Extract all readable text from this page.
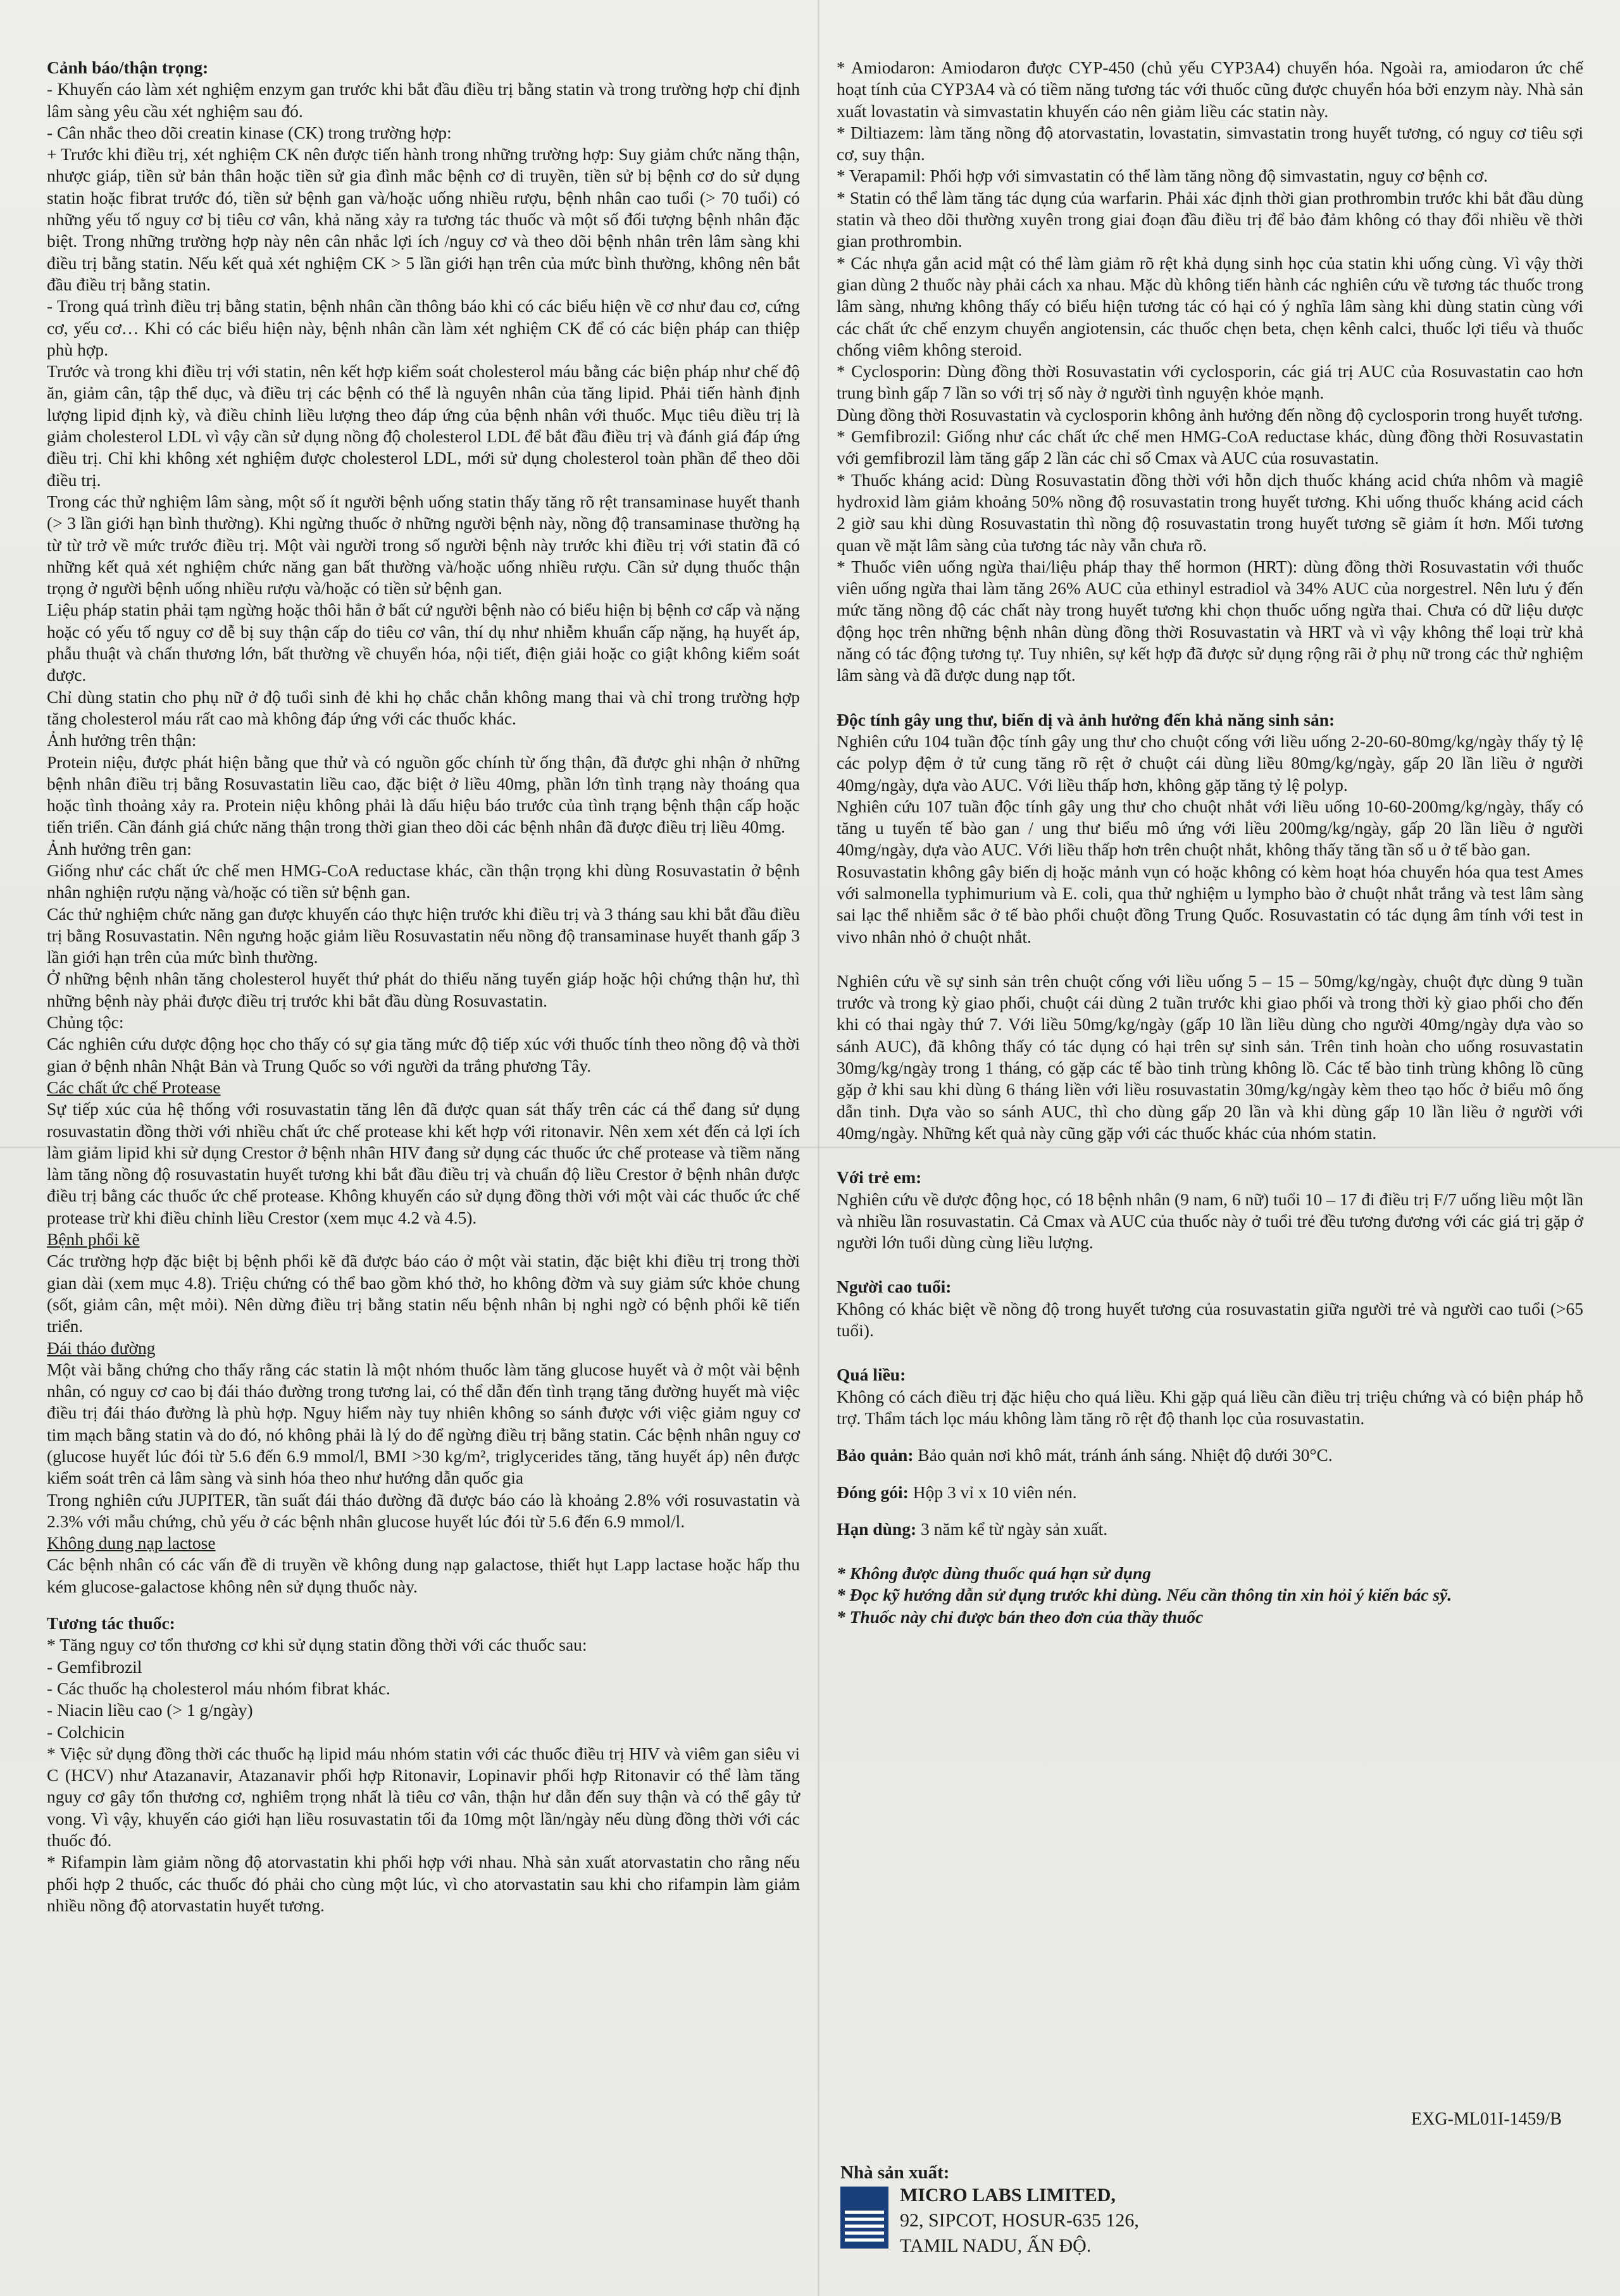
Cảnh báo/thận trọng:

- Khuyến cáo làm xét nghiệm enzym gan trước khi bắt đầu điều trị bằng statin và trong trường hợp chỉ định lâm sàng yêu cầu xét nghiệm sau đó.

- Cân nhắc theo dõi creatin kinase (CK) trong trường hợp:

+ Trước khi điều trị, xét nghiệm CK nên được tiến hành trong những trường hợp: Suy giảm chức năng thận, nhược giáp, tiền sử bản thân hoặc tiền sử gia đình mắc bệnh cơ di truyền, tiền sử bị bệnh cơ do sử dụng statin hoặc fibrat trước đó, tiền sử bệnh gan và/hoặc uống nhiều rượu, bệnh nhân cao tuổi (> 70 tuổi) có những yếu tố nguy cơ bị tiêu cơ vân, khả năng xảy ra tương tác thuốc và một số đối tượng bệnh nhân đặc biệt. Trong những trường hợp này nên cân nhắc lợi ích /nguy cơ và theo dõi bệnh nhân trên lâm sàng khi điều trị bằng statin. Nếu kết quả xét nghiệm CK > 5 lần giới hạn trên của mức bình thường, không nên bắt đầu điều trị bằng statin.

- Trong quá trình điều trị bằng statin, bệnh nhân cần thông báo khi có các biểu hiện về cơ như đau cơ, cứng cơ, yếu cơ… Khi có các biểu hiện này, bệnh nhân cần làm xét nghiệm CK để có các biện pháp can thiệp phù hợp.

Trước và trong khi điều trị với statin, nên kết hợp kiểm soát cholesterol máu bằng các biện pháp như chế độ ăn, giảm cân, tập thể dục, và điều trị các bệnh có thể là nguyên nhân của tăng lipid. Phải tiến hành định lượng lipid định kỳ, và điều chỉnh liều lượng theo đáp ứng của bệnh nhân với thuốc. Mục tiêu điều trị là giảm cholesterol LDL vì vậy cần sử dụng nồng độ cholesterol LDL để bắt đầu điều trị và đánh giá đáp ứng điều trị. Chỉ khi không xét nghiệm được cholesterol LDL, mới sử dụng cholesterol toàn phần để theo dõi điều trị.

Trong các thử nghiệm lâm sàng, một số ít người bệnh uống statin thấy tăng rõ rệt transaminase huyết thanh (> 3 lần giới hạn bình thường). Khi ngừng thuốc ở những người bệnh này, nồng độ transaminase thường hạ từ từ trở về mức trước điều trị. Một vài người trong số người bệnh này trước khi điều trị với statin đã có những kết quả xét nghiệm chức năng gan bất thường và/hoặc uống nhiều rượu. Cần sử dụng thuốc thận trọng ở người bệnh uống nhiều rượu và/hoặc có tiền sử bệnh gan.

Liệu pháp statin phải tạm ngừng hoặc thôi hẳn ở bất cứ người bệnh nào có biểu hiện bị bệnh cơ cấp và nặng hoặc có yếu tố nguy cơ dễ bị suy thận cấp do tiêu cơ vân, thí dụ như nhiễm khuẩn cấp nặng, hạ huyết áp, phẫu thuật và chấn thương lớn, bất thường về chuyển hóa, nội tiết, điện giải hoặc co giật không kiểm soát được.

Chỉ dùng statin cho phụ nữ ở độ tuổi sinh đẻ khi họ chắc chắn không mang thai và chỉ trong trường hợp tăng cholesterol máu rất cao mà không đáp ứng với các thuốc khác.

Ảnh hưởng trên thận:

Protein niệu, được phát hiện bằng que thử và có nguồn gốc chính từ ống thận, đã được ghi nhận ở những bệnh nhân điều trị bằng Rosuvastatin liều cao, đặc biệt ở liều 40mg, phần lớn tình trạng này thoáng qua hoặc tình thoảng xảy ra. Protein niệu không phải là dấu hiệu báo trước của tình trạng bệnh thận cấp hoặc tiến triển. Cần đánh giá chức năng thận trong thời gian theo dõi các bệnh nhân đã được điều trị liều 40mg.

Ảnh hưởng trên gan:

Giống như các chất ức chế men HMG-CoA reductase khác, cần thận trọng khi dùng Rosuvastatin ở bệnh nhân nghiện rượu nặng và/hoặc có tiền sử bệnh gan.

Các thử nghiệm chức năng gan được khuyến cáo thực hiện trước khi điều trị và 3 tháng sau khi bắt đầu điều trị bằng Rosuvastatin. Nên ngưng hoặc giảm liều Rosuvastatin nếu nồng độ transaminase huyết thanh gấp 3 lần giới hạn trên của mức bình thường.

Ở những bệnh nhân tăng cholesterol huyết thứ phát do thiểu năng tuyến giáp hoặc hội chứng thận hư, thì những bệnh này phải được điều trị trước khi bắt đầu dùng Rosuvastatin.

Chủng tộc:

Các nghiên cứu dược động học cho thấy có sự gia tăng mức độ tiếp xúc với thuốc tính theo nồng độ và thời gian ở bệnh nhân Nhật Bản và Trung Quốc so với người da trắng phương Tây.

Các chất ức chế Protease

Sự tiếp xúc của hệ thống với rosuvastatin tăng lên đã được quan sát thấy trên các cá thể đang sử dụng rosuvastatin đồng thời với nhiều chất ức chế protease khi kết hợp với ritonavir. Nên xem xét đến cả lợi ích làm giảm lipid khi sử dụng Crestor ở bệnh nhân HIV đang sử dụng các thuốc ức chế protease và tiềm năng làm tăng nồng độ rosuvastatin huyết tương khi bắt đầu điều trị và chuẩn độ liều Crestor ở bệnh nhân được điều trị bằng các thuốc ức chế protease. Không khuyến cáo sử dụng đồng thời với một vài các thuốc ức chế protease trừ khi điều chỉnh liều Crestor (xem mục 4.2 và 4.5).

Bệnh phổi kẽ

Các trường hợp đặc biệt bị bệnh phổi kẽ đã được báo cáo ở một vài statin, đặc biệt khi điều trị trong thời gian dài (xem mục 4.8). Triệu chứng có thể bao gồm khó thở, ho không đờm và suy giảm sức khỏe chung (sốt, giảm cân, mệt mỏi). Nên dừng điều trị bằng statin nếu bệnh nhân bị nghi ngờ có bệnh phổi kẽ tiến triển.

Đái tháo đường

Một vài bằng chứng cho thấy rằng các statin là một nhóm thuốc làm tăng glucose huyết và ở một vài bệnh nhân, có nguy cơ cao bị đái tháo đường trong tương lai, có thể dẫn đến tình trạng tăng đường huyết mà việc điều trị đái tháo đường là phù hợp. Nguy hiểm này tuy nhiên không so sánh được với việc giảm nguy cơ tim mạch bằng statin và do đó, nó không phải là lý do để ngừng điều trị bằng statin. Các bệnh nhân nguy cơ (glucose huyết lúc đói từ 5.6 đến 6.9 mmol/l, BMI >30 kg/m², triglycerides tăng, tăng huyết áp) nên được kiểm soát trên cả lâm sàng và sinh hóa theo như hướng dẫn quốc gia

Trong nghiên cứu JUPITER, tần suất đái tháo đường đã được báo cáo là khoảng 2.8% với rosuvastatin và 2.3% với mẫu chứng, chủ yếu ở các bệnh nhân glucose huyết lúc đói từ 5.6 đến 6.9 mmol/l.

Không dung nạp lactose

Các bệnh nhân có các vấn đề di truyền về không dung nạp galactose, thiết hụt Lapp lactase hoặc hấp thu kém glucose-galactose không nên sử dụng thuốc này.

Tương tác thuốc:

* Tăng nguy cơ tổn thương cơ khi sử dụng statin đồng thời với các thuốc sau:

- Gemfibrozil

- Các thuốc hạ cholesterol máu nhóm fibrat khác.

- Niacin liều cao (> 1 g/ngày)

- Colchicin

* Việc sử dụng đồng thời các thuốc hạ lipid máu nhóm statin với các thuốc điều trị HIV và viêm gan siêu vi C (HCV) như Atazanavir, Atazanavir phối hợp Ritonavir, Lopinavir phối hợp Ritonavir có thể làm tăng nguy cơ gây tổn thương cơ, nghiêm trọng nhất là tiêu cơ vân, thận hư dẫn đến suy thận và có thể gây tử vong. Vì vậy, khuyến cáo giới hạn liều rosuvastatin tối đa 10mg một lần/ngày nếu dùng đồng thời với các thuốc đó.

* Rifampin làm giảm nồng độ atorvastatin khi phối hợp với nhau. Nhà sản xuất atorvastatin cho rằng nếu phối hợp 2 thuốc, các thuốc đó phải cho cùng một lúc, vì cho atorvastatin sau khi cho rifampin làm giảm nhiều nồng độ atorvastatin huyết tương.

* Amiodaron: Amiodaron được CYP-450 (chủ yếu CYP3A4) chuyển hóa. Ngoài ra, amiodaron ức chế hoạt tính của CYP3A4 và có tiềm năng tương tác với thuốc cũng được chuyển hóa bởi enzym này. Nhà sản xuất lovastatin và simvastatin khuyến cáo nên giảm liều các statin này.

* Diltiazem: làm tăng nồng độ atorvastatin, lovastatin, simvastatin trong huyết tương, có nguy cơ tiêu sợi cơ, suy thận.

* Verapamil: Phối hợp với simvastatin có thể làm tăng nồng độ simvastatin, nguy cơ bệnh cơ.

* Statin có thể làm tăng tác dụng của warfarin. Phải xác định thời gian prothrombin trước khi bắt đầu dùng statin và theo dõi thường xuyên trong giai đoạn đầu điều trị để bảo đảm không có thay đổi nhiều về thời gian prothrombin.

* Các nhựa gắn acid mật có thể làm giảm rõ rệt khả dụng sinh học của statin khi uống cùng. Vì vậy thời gian dùng 2 thuốc này phải cách xa nhau. Mặc dù không tiến hành các nghiên cứu về tương tác thuốc trong lâm sàng, nhưng không thấy có biểu hiện tương tác có hại có ý nghĩa lâm sàng khi dùng statin cùng với các chất ức chế enzym chuyển angiotensin, các thuốc chẹn beta, chẹn kênh calci, thuốc lợi tiểu và thuốc chống viêm không steroid.

* Cyclosporin: Dùng đồng thời Rosuvastatin với cyclosporin, các giá trị AUC của Rosuvastatin cao hơn trung bình gấp 7 lần so với trị số này ở người tình nguyện khỏe mạnh.

Dùng đồng thời Rosuvastatin và cyclosporin không ảnh hưởng đến nồng độ cyclosporin trong huyết tương.

* Gemfibrozil: Giống như các chất ức chế men HMG-CoA reductase khác, dùng đồng thời Rosuvastatin với gemfibrozil làm tăng gấp 2 lần các chỉ số Cmax và AUC của rosuvastatin.

* Thuốc kháng acid: Dùng Rosuvastatin đồng thời với hỗn dịch thuốc kháng acid chứa nhôm và magiê hydroxid làm giảm khoảng 50% nồng độ rosuvastatin trong huyết tương. Khi uống thuốc kháng acid cách 2 giờ sau khi dùng Rosuvastatin thì nồng độ rosuvastatin trong huyết tương sẽ giảm ít hơn. Mối tương quan về mặt lâm sàng của tương tác này vẫn chưa rõ.

* Thuốc viên uống ngừa thai/liệu pháp thay thế hormon (HRT): dùng đồng thời Rosuvastatin với thuốc viên uống ngừa thai làm tăng 26% AUC của ethinyl estradiol và 34% AUC của norgestrel. Nên lưu ý đến mức tăng nồng độ các chất này trong huyết tương khi chọn thuốc uống ngừa thai. Chưa có dữ liệu dược động học trên những bệnh nhân dùng đồng thời Rosuvastatin và HRT và vì vậy không thể loại trừ khả năng có tác động tương tự. Tuy nhiên, sự kết hợp đã được sử dụng rộng rãi ở phụ nữ trong các thử nghiệm lâm sàng và đã được dung nạp tốt.

Độc tính gây ung thư, biến dị và ảnh hưởng đến khả năng sinh sản:

Nghiên cứu 104 tuần độc tính gây ung thư cho chuột cống với liều uống 2-20-60-80mg/kg/ngày thấy tỷ lệ các polyp đệm ở tử cung tăng rõ rệt ở chuột cái dùng liều 80mg/kg/ngày, gấp 20 lần liều ở người 40mg/ngày, dựa vào AUC. Với liều thấp hơn, không gặp tăng tỷ lệ polyp.

Nghiên cứu 107 tuần độc tính gây ung thư cho chuột nhắt với liều uống 10-60-200mg/kg/ngày, thấy có tăng u tuyến tế bào gan / ung thư biểu mô ứng với liều 200mg/kg/ngày, gấp 20 lần liều ở người 40mg/ngày, dựa vào AUC. Với liều thấp hơn trên chuột nhắt, không thấy tăng tần số u ở tế bào gan.

Rosuvastatin không gây biến dị hoặc mảnh vụn có hoặc không có kèm hoạt hóa chuyển hóa qua test Ames với salmonella typhimurium và E. coli, qua thử nghiệm u lympho bào ở chuột nhắt trắng và test lâm sàng sai lạc thể nhiễm sắc ở tế bào phổi chuột đồng Trung Quốc. Rosuvastatin có tác dụng âm tính với test in vivo nhân nhỏ ở chuột nhắt.

Nghiên cứu về sự sinh sản trên chuột cống với liều uống 5 – 15 – 50mg/kg/ngày, chuột đực dùng 9 tuần trước và trong kỳ giao phối, chuột cái dùng 2 tuần trước khi giao phối và trong thời kỳ giao phối cho đến khi có thai ngày thứ 7. Với liều 50mg/kg/ngày (gấp 10 lần liều dùng cho người 40mg/ngày dựa vào so sánh AUC), đã không thấy có tác dụng có hại trên sự sinh sản. Trên tinh hoàn cho uống rosuvastatin 30mg/kg/ngày trong 1 tháng, có gặp các tế bào tinh trùng không lồ. Các tế bào tinh trùng không lồ cũng gặp ở khi sau khi dùng 6 tháng liền với liều rosuvastatin 30mg/kg/ngày kèm theo tạo hốc ở biểu mô ống dẫn tinh. Dựa vào so sánh AUC, thì cho dùng gấp 20 lần và khi dùng gấp 10 lần liều ở người với 40mg/ngày. Những kết quả này cũng gặp với các thuốc khác của nhóm statin.

Với trẻ em:

Nghiên cứu về dược động học, có 18 bệnh nhân (9 nam, 6 nữ) tuổi 10 – 17 đi điều trị F/7 uống liều một lần và nhiều lần rosuvastatin. Cả Cmax và AUC của thuốc này ở tuổi trẻ đều tương đương với các giá trị gặp ở người lớn tuổi dùng cùng liều lượng.

Người cao tuổi:

Không có khác biệt về nồng độ trong huyết tương của rosuvastatin giữa người trẻ và người cao tuổi (>65 tuổi).

Quá liều:

Không có cách điều trị đặc hiệu cho quá liều. Khi gặp quá liều cần điều trị triệu chứng và có biện pháp hỗ trợ. Thẩm tách lọc máu không làm tăng rõ rệt độ thanh lọc của rosuvastatin.

Bảo quản: Bảo quản nơi khô mát, tránh ánh sáng. Nhiệt độ dưới 30°C.

Đóng gói: Hộp 3 vỉ x 10 viên nén.

Hạn dùng: 3 năm kể từ ngày sản xuất.

* Không được dùng thuốc quá hạn sử dụng

* Đọc kỹ hướng dẫn sử dụng trước khi dùng. Nếu cần thông tin xin hỏi ý kiến bác sỹ.

* Thuốc này chỉ được bán theo đơn của thầy thuốc

EXG-ML01I-1459/B
Nhà sản xuất:
MICRO LABS LIMITED,
92, SIPCOT, HOSUR-635 126,
TAMIL NADU, ẤN ĐỘ.
